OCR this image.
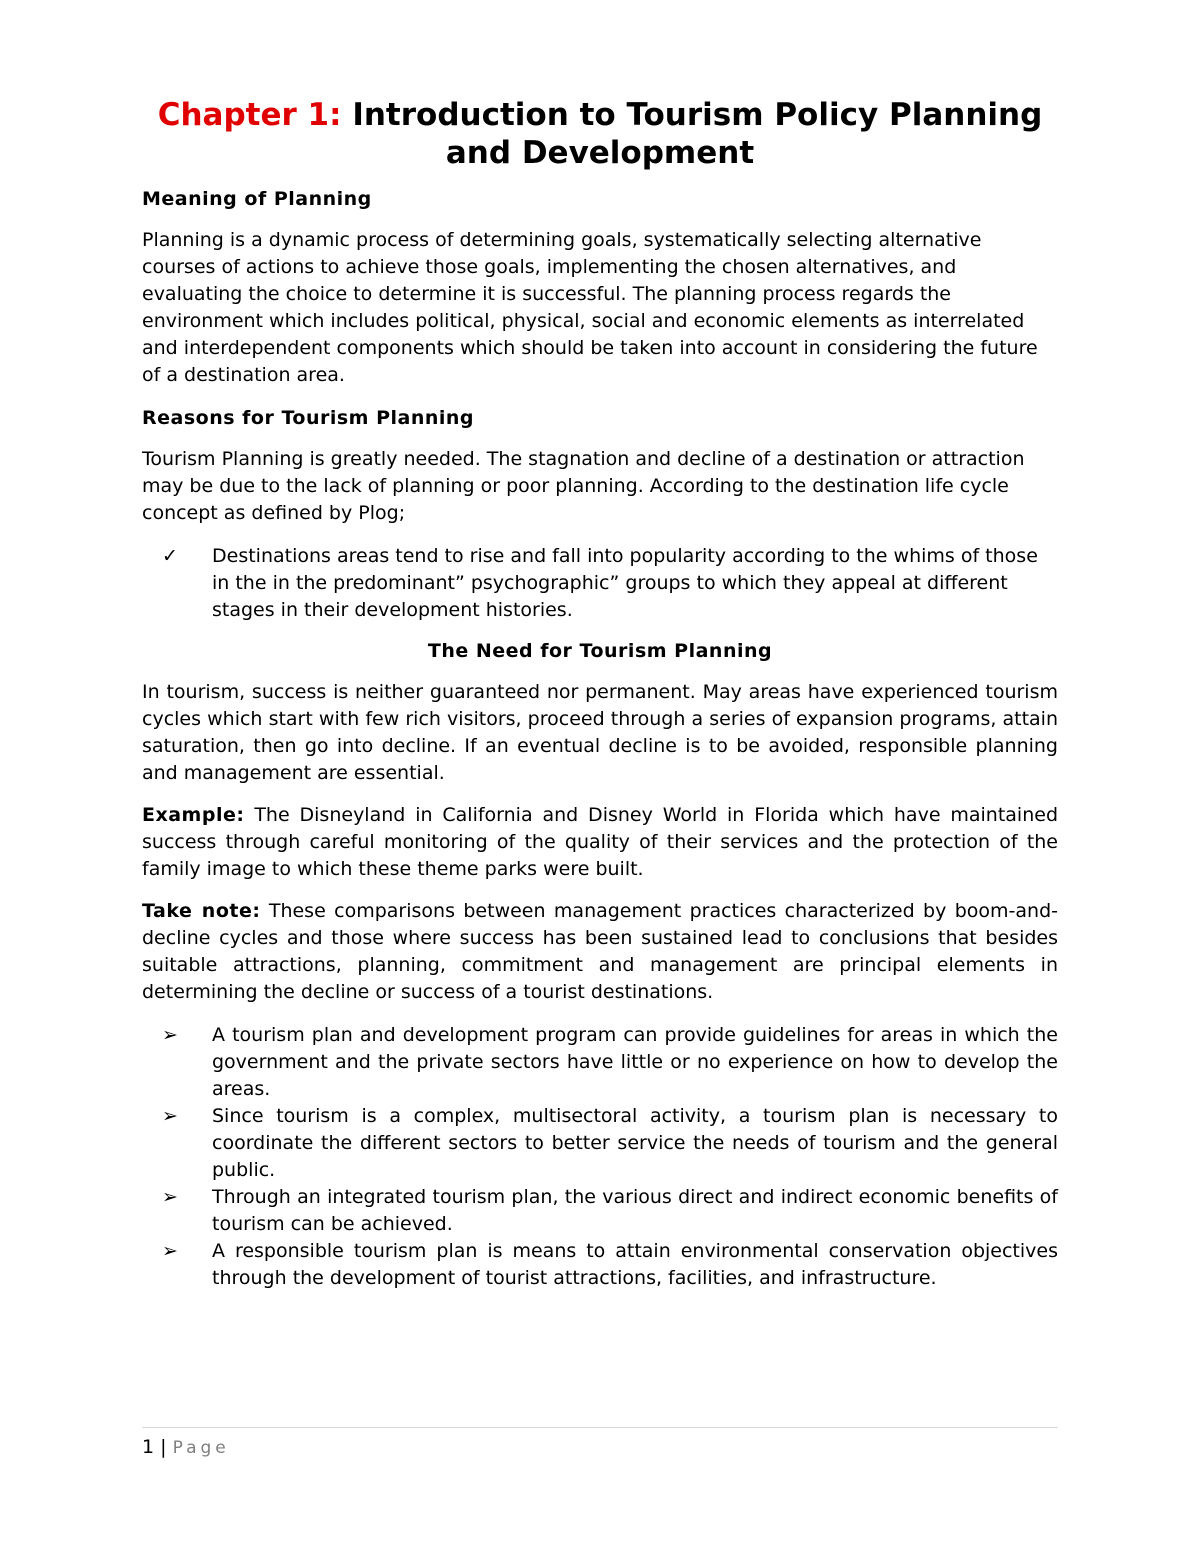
Chapter 1: Introduction to Tourism Policy Planning and Development
Meaning of Planning

Planning is a dynamic process of determining goals, systematically selecting alternative courses of actions to achieve those goals, implementing the chosen alternatives, and evaluating the choice to determine it is successful. The planning process regards the environment which includes political, physical, social and economic elements as interrelated and interdependent components which should be taken into account in considering the future of a destination area.

Reasons for Tourism Planning

Tourism Planning is greatly needed. The stagnation and decline of a destination or attraction may be due to the lack of planning or poor planning. According to the destination life cycle concept as defined by Plog;

✓ Destinations areas tend to rise and fall into popularity according to the whims of those in the in the predominant” psychographic” groups to which they appeal at different stages in their development histories.
The Need for Tourism Planning

In tourism, success is neither guaranteed nor permanent. May areas have experienced tourism cycles which start with few rich visitors, proceed through a series of expansion programs, attain saturation, then go into decline. If an eventual decline is to be avoided, responsible planning and management are essential.

Example: The Disneyland in California and Disney World in Florida which have maintained success through careful monitoring of the quality of their services and the protection of the family image to which these theme parks were built.

Take note: These comparisons between management practices characterized by boom-and-decline cycles and those where success has been sustained lead to conclusions that besides suitable attractions, planning, commitment and management are principal elements in determining the decline or success of a tourist destinations.

➢ A tourism plan and development program can provide guidelines for areas in which the government and the private sectors have little or no experience on how to develop the areas.
➢ Since tourism is a complex, multisectoral activity, a tourism plan is necessary to coordinate the different sectors to better service the needs of tourism and the general public.
➢ Through an integrated tourism plan, the various direct and indirect economic benefits of tourism can be achieved.
➢ A responsible tourism plan is means to attain environmental conservation objectives through the development of tourist attractions, facilities, and infrastructure.
1 | Page
